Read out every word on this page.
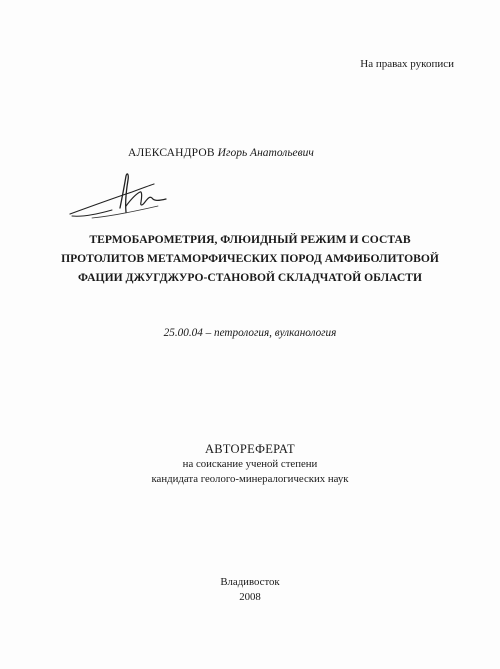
На правах рукописи
АЛЕКСАНДРОВ Игорь Анатольевич
ТЕРМОБАРОМЕТРИЯ, ФЛЮИДНЫЙ РЕЖИМ И СОСТАВ
ПРОТОЛИТОВ МЕТАМОРФИЧЕСКИХ ПОРОД АМФИБОЛИТОВОЙ
ФАЦИИ ДЖУГДЖУРО-СТАНОВОЙ СКЛАДЧАТОЙ ОБЛАСТИ
25.00.04 – петрология, вулканология
АВТОРЕФЕРАТ
на соискание ученой степени
кандидата геолого-минералогических наук
Владивосток
2008
